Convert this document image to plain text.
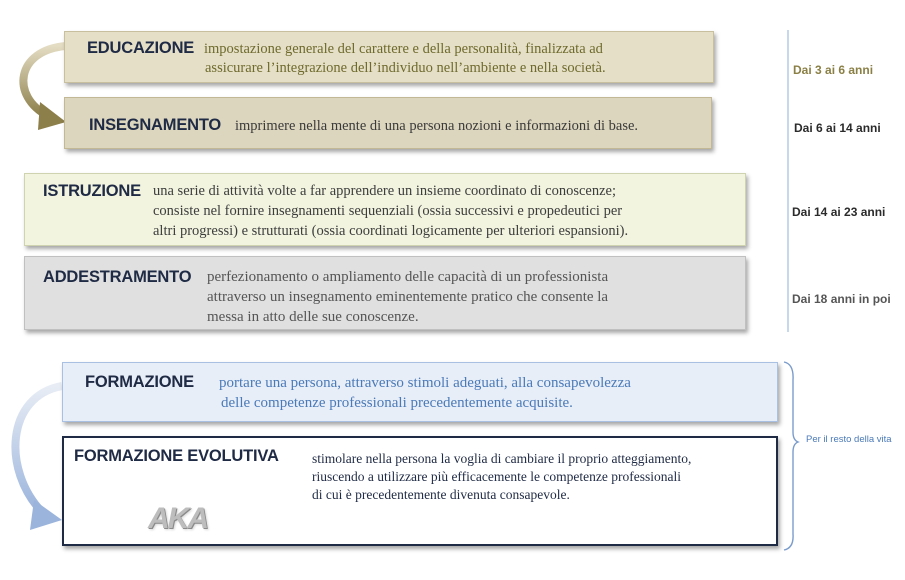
EDUCAZIONE impostazione generale del carattere e della personalità, finalizzata ad
assicurare l’integrazione dell’individuo nell’ambiente e nella società.	Dai 3 ai 6 anni
INSEGNAMENTO imprimere nella mente di una persona nozioni e informazioni di base.	Dai 6 ai 14 anni
ISTRUZIONE una serie di attività volte a far apprendere un insieme coordinato di conoscenze;
consiste nel fornire insegnamenti sequenziali (ossia successivi e propedeutici per
altri progressi) e strutturati (ossia coordinati logicamente per ulteriori espansioni).
Dai 14 ai 23 anni
ADDESTRAMENTO perfezionamento o ampliamento delle capacità di un professionista
attraverso un insegnamento eminentemente pratico che consente la
messa in atto delle sue conoscenze.
Dai 18 anni in poi
FORMAZIONE portare una persona, attraverso stimoli adeguati, alla consapevolezza
delle competenze professionali precedentemente acquisite.
FORMAZIONE EVOLUTIVA stimolare nella persona la voglia di cambiare il proprio atteggiamento,
riuscendo a utilizzare più efficacemente le competenze professionali
di cui è precedentemente divenuta consapevole.
AKA
Per il resto della vita
